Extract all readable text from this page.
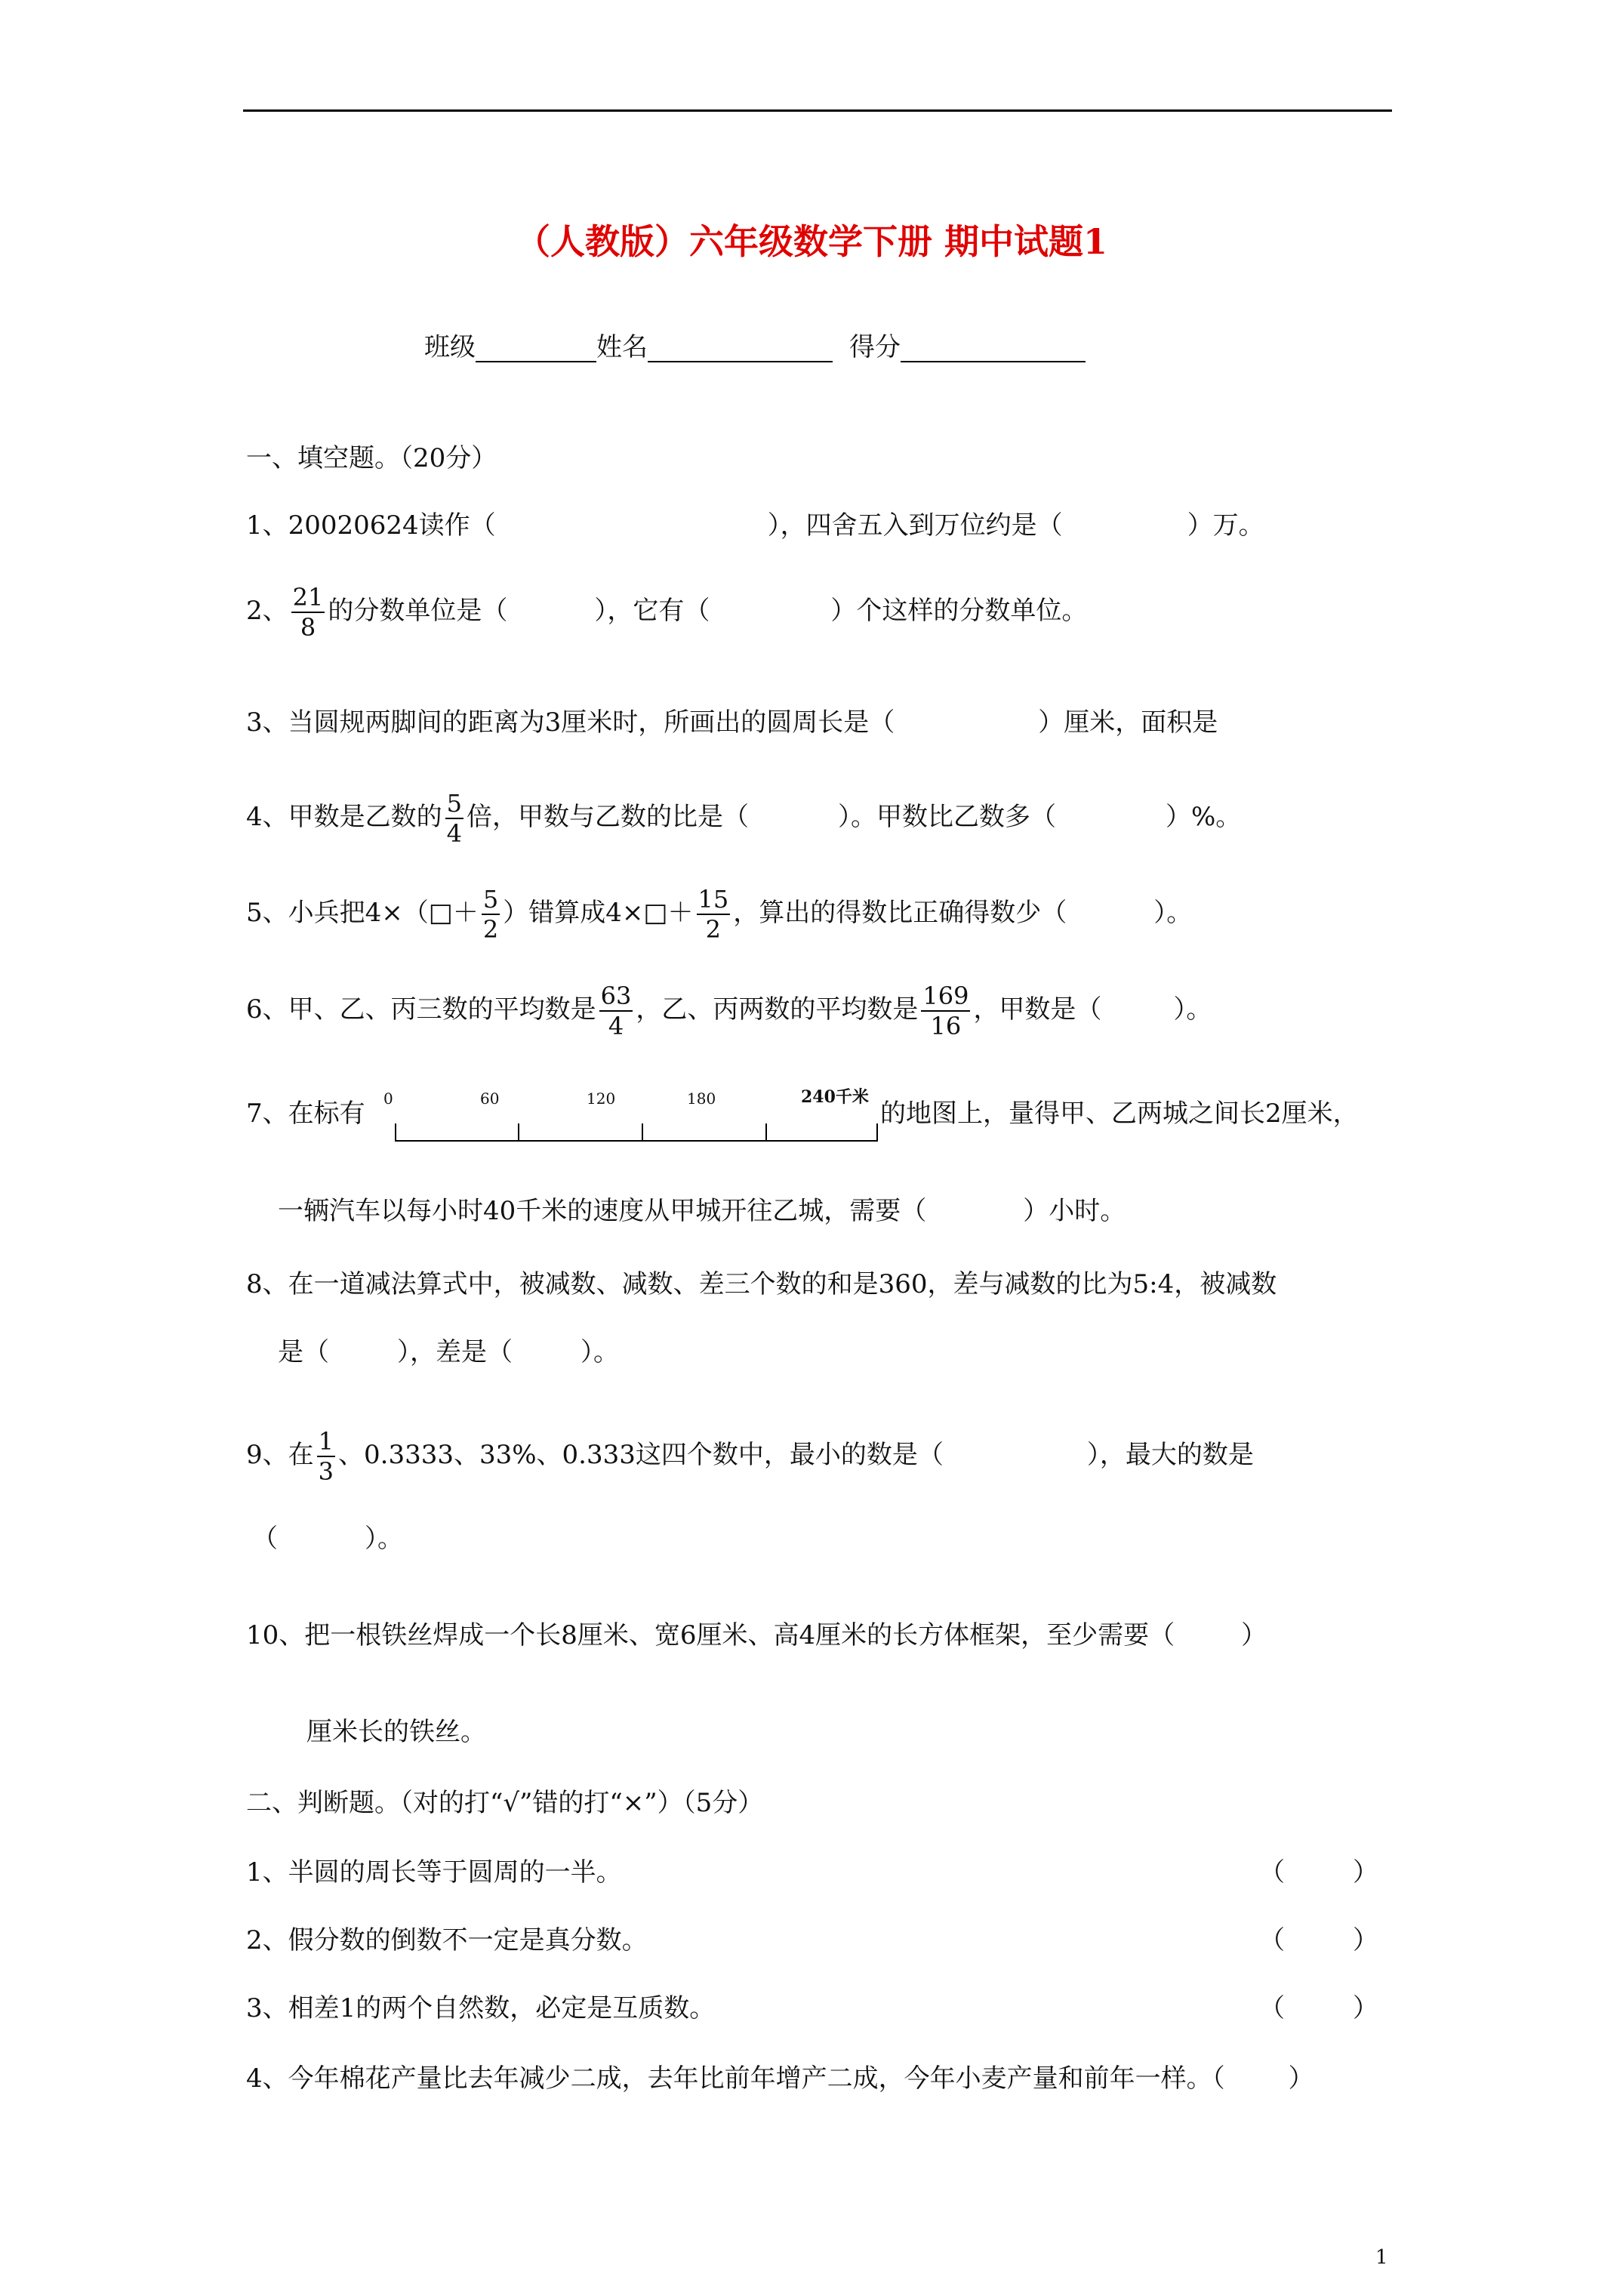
（人教版）六年级数学下册 期中试题1
班级	姓名	得分
一、填空题。（20分）
1、20020624读作（	），四舍五入到万位约是（	）万。
2、 $\frac{21}{8}$ 的分数单位是（	），它有（	）个这样的分数单位。
3、当圆规两脚间的距离为3厘米时，所画出的圆周长是（	）厘米，面积是
4、甲数是乙数的 $\frac{5}{4}$ 倍，甲数与乙数的比是（	）。甲数比乙数多（	）%。
5、小兵把4×（□＋ $\frac{5}{2}$ ）错算成4×□＋ $\frac{15}{2}$ ，算出的得数比正确得数少（	）。
6、甲、乙、丙三数的平均数是 $\frac{63}{4}$ ，乙、丙两数的平均数是 $\frac{169}{16}$ ，甲数是（	）。
7、在标有 0	60	120	180	240千米
的地图上，量得甲、乙两城之间长2厘米，
一辆汽车以每小时40千米的速度从甲城开往乙城，需要（	）小时。
8、在一道减法算式中，被减数、减数、差三个数的和是360，差与减数的比为5:4，被减数
是（	），差是（	）。
9、在 $\frac{1}{3}$ 、0.3333、33%、0.333这四个数中，最小的数是（	），最大的数是
（	）。
10、把一根铁丝焊成一个长8厘米、宽6厘米、高4厘米的长方体框架，至少需要（	）
厘米长的铁丝。
二、判断题。（对的打“√”错的打“×”）（5分）
1、半圆的周长等于圆周的一半。	（	）
2、假分数的倒数不一定是真分数。	（	）
3、相差1的两个自然数，必定是互质数。	（	）
4、今年棉花产量比去年减少二成，去年比前年增产二成，今年小麦产量和前年一样。（ ）
1
